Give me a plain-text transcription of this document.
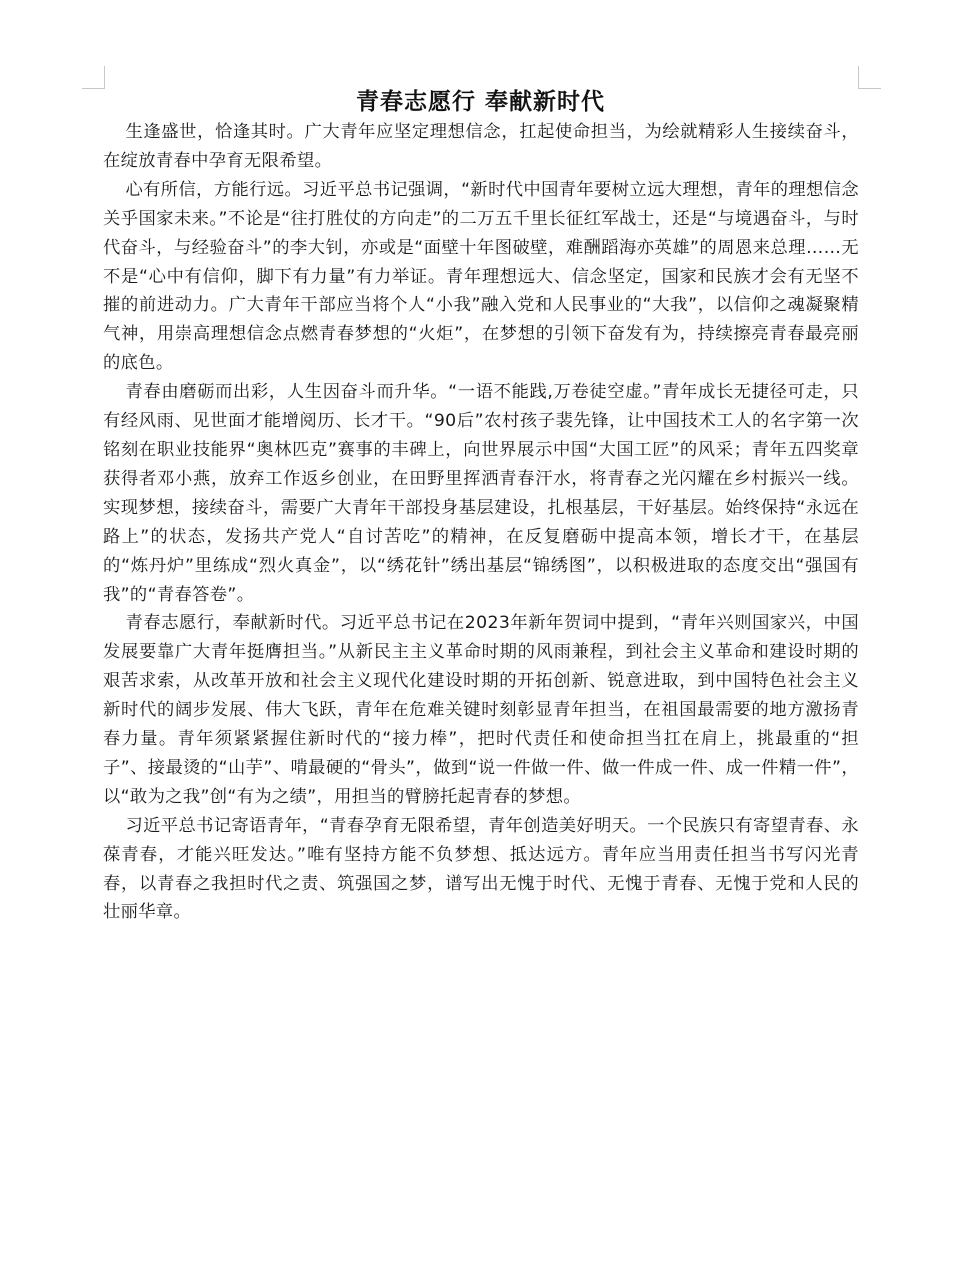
青春志愿行 奉献新时代

生逢盛世，恰逢其时。广大青年应坚定理想信念，扛起使命担当，为绘就精彩人生接续奋斗，在绽放青春中孕育无限希望。

心有所信，方能行远。习近平总书记强调，“新时代中国青年要树立远大理想，青年的理想信念关乎国家未来。”不论是“往打胜仗的方向走”的二万五千里长征红军战士，还是“与境遇奋斗，与时代奋斗，与经验奋斗”的李大钊，亦或是“面壁十年图破壁，难酬蹈海亦英雄”的周恩来总理……无不是“心中有信仰，脚下有力量”有力举证。青年理想远大、信念坚定，国家和民族才会有无坚不摧的前进动力。广大青年干部应当将个人“小我”融入党和人民事业的“大我”，以信仰之魂凝聚精气神，用崇高理想信念点燃青春梦想的“火炬”，在梦想的引领下奋发有为，持续擦亮青春最亮丽的底色。

青春由磨砺而出彩，人生因奋斗而升华。“一语不能践,万卷徒空虚。”青年成长无捷径可走，只有经风雨、见世面才能增阅历、长才干。“90后”农村孩子裴先锋，让中国技术工人的名字第一次铭刻在职业技能界“奥林匹克”赛事的丰碑上，向世界展示中国“大国工匠”的风采；青年五四奖章获得者邓小燕，放弃工作返乡创业，在田野里挥洒青春汗水，将青春之光闪耀在乡村振兴一线。实现梦想，接续奋斗，需要广大青年干部投身基层建设，扎根基层，干好基层。始终保持“永远在路上”的状态，发扬共产党人“自讨苦吃”的精神，在反复磨砺中提高本领，增长才干，在基层的“炼丹炉”里练成“烈火真金”，以“绣花针”绣出基层“锦绣图”，以积极进取的态度交出“强国有我”的“青春答卷”。

青春志愿行，奉献新时代。习近平总书记在2023年新年贺词中提到，“青年兴则国家兴，中国发展要靠广大青年挺膺担当。”从新民主主义革命时期的风雨兼程，到社会主义革命和建设时期的艰苦求索，从改革开放和社会主义现代化建设时期的开拓创新、锐意进取，到中国特色社会主义新时代的阔步发展、伟大飞跃，青年在危难关键时刻彰显青年担当，在祖国最需要的地方激扬青春力量。青年须紧紧握住新时代的“接力棒”，把时代责任和使命担当扛在肩上，挑最重的“担子”、接最烫的“山芋”、啃最硬的“骨头”，做到“说一件做一件、做一件成一件、成一件精一件”，以“敢为之我”创“有为之绩”，用担当的臂膀托起青春的梦想。

习近平总书记寄语青年，“青春孕育无限希望，青年创造美好明天。一个民族只有寄望青春、永葆青春，才能兴旺发达。”唯有坚持方能不负梦想、抵达远方。青年应当用责任担当书写闪光青春，以青春之我担时代之责、筑强国之梦，谱写出无愧于时代、无愧于青春、无愧于党和人民的壮丽华章。
